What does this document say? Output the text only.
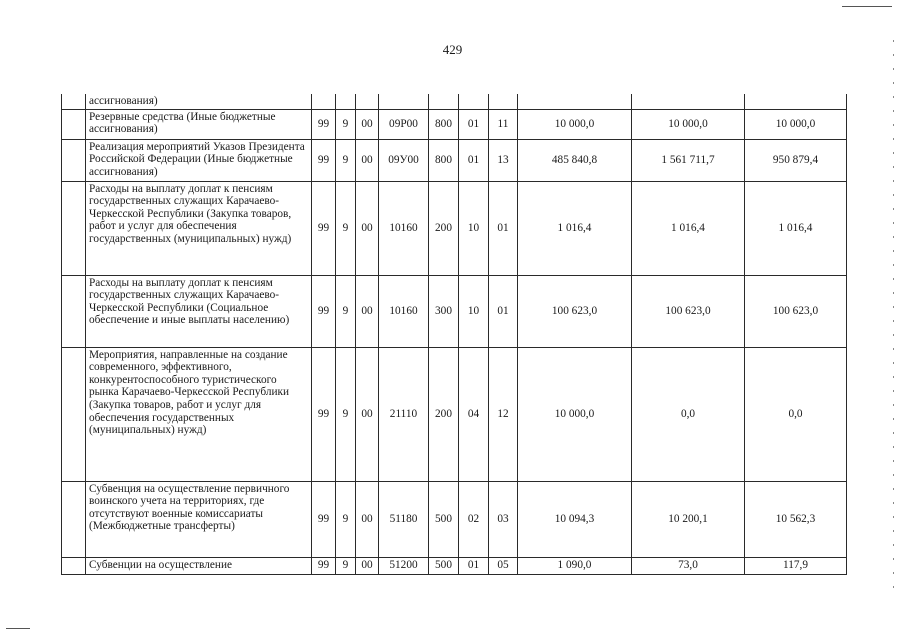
429
	ассигнования)										
	Резервные средства (Иные бюджетные ассигнования)	99	9	00	09Р00	800	01	11	10 000,0	10 000,0	10 000,0
	Реализация мероприятий Указов Президента Российской Федерации (Иные бюджетные ассигнования)	99	9	00	09У00	800	01	13	485 840,8	1 561 711,7	950 879,4
	Расходы на выплату доплат к пенсиям государственных служащих Карачаево-Черкесской Республики (Закупка товаров, работ и услуг для обеспечения государственных (муниципальных) нужд)	99	9	00	10160	200	10	01	1 016,4	1 016,4	1 016,4
	Расходы на выплату доплат к пенсиям государственных служащих Карачаево-Черкесской Республики (Социальное обеспечение и иные выплаты населению)	99	9	00	10160	300	10	01	100 623,0	100 623,0	100 623,0
	Мероприятия, направленные на создание современного, эффективного, конкурентоспособного туристического рынка Карачаево-Черкесской Республики (Закупка товаров, работ и услуг для обеспечения государственных (муниципальных) нужд)	99	9	00	21110	200	04	12	10 000,0	0,0	0,0
	Субвенция на осуществление первичного воинского учета на территориях, где отсутствуют военные комиссариаты (Межбюджетные трансферты)	99	9	00	51180	500	02	03	10 094,3	10 200,1	10 562,3
	Субвенции на осуществление	99	9	00	51200	500	01	05	1 090,0	73,0	117,9
